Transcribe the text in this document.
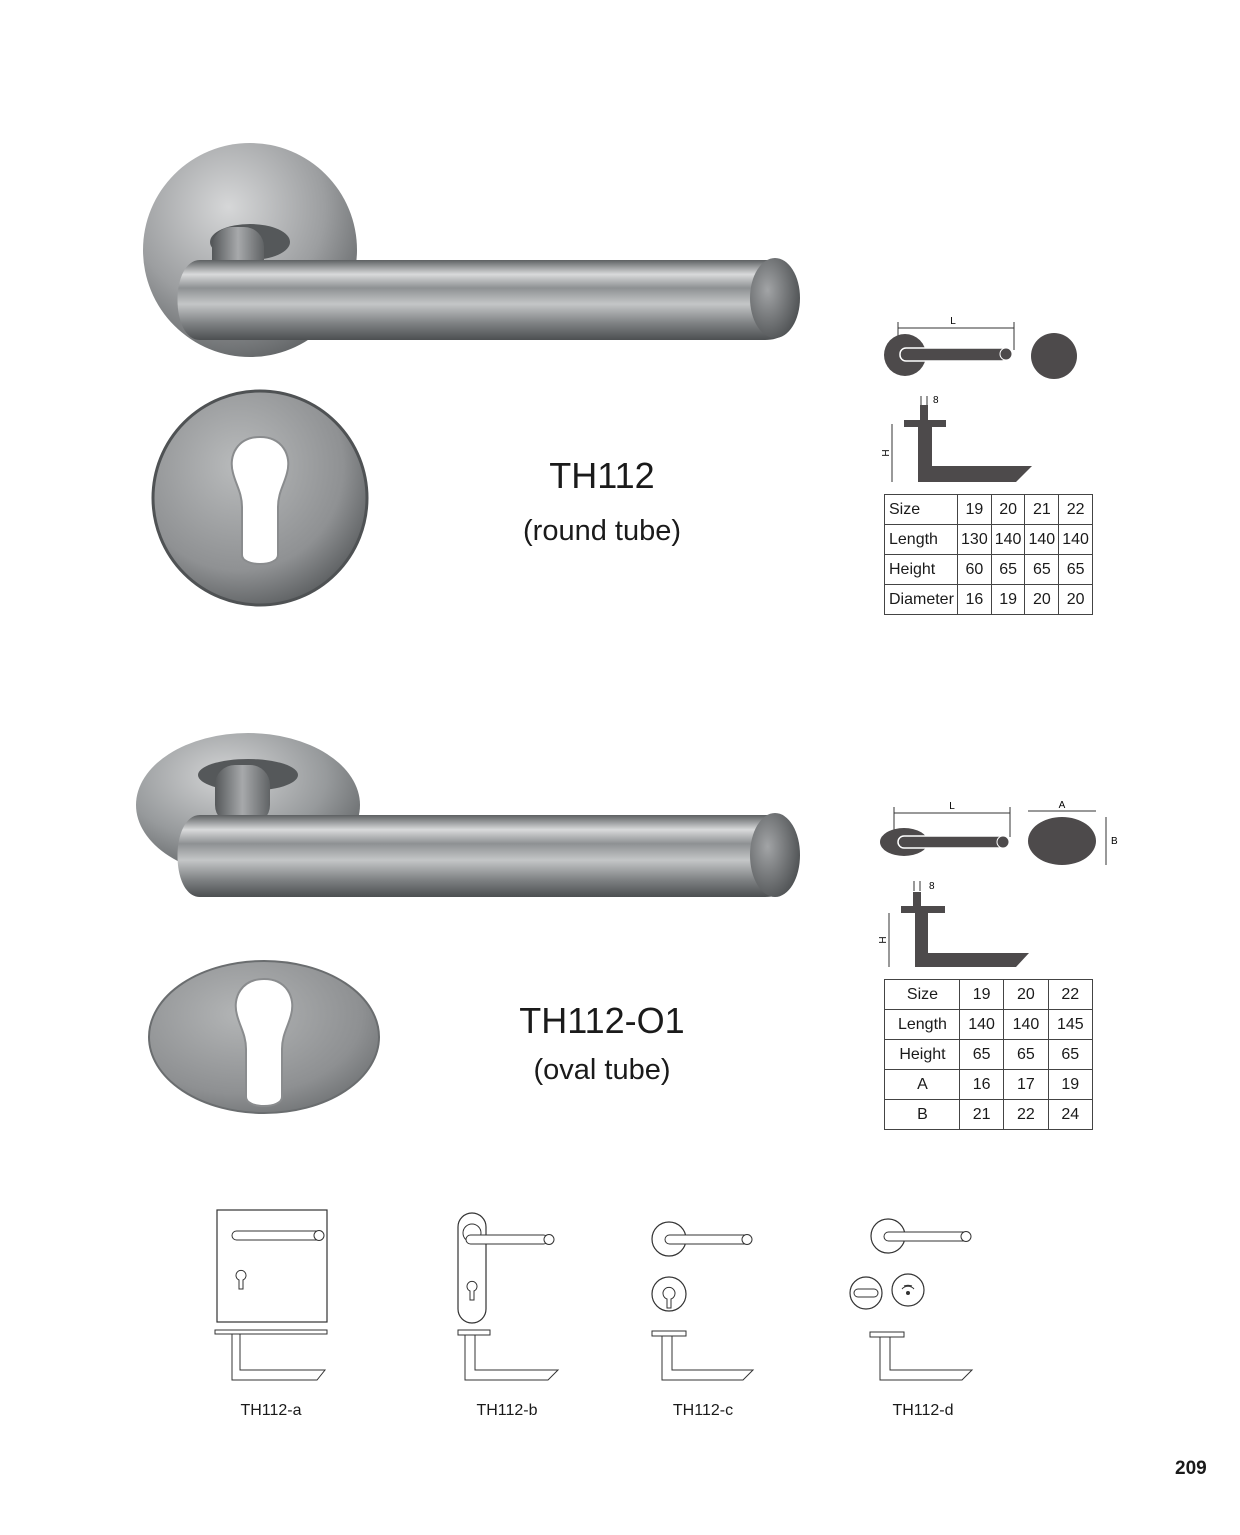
TH112
(round tube)
L
8
H
Size	19	20	21	22
Length	130	140	140	140
Height	60	65	65	65
Diameter	16	19	20	20
TH112-O1
(oval tube)
L	A
B
8
H
Size	19	20	22
Length	140	140	145
Height	65	65	65
A	16	17	19
B	21	22	24
TH112-a	TH112-b	TH112-c	TH112-d
209
